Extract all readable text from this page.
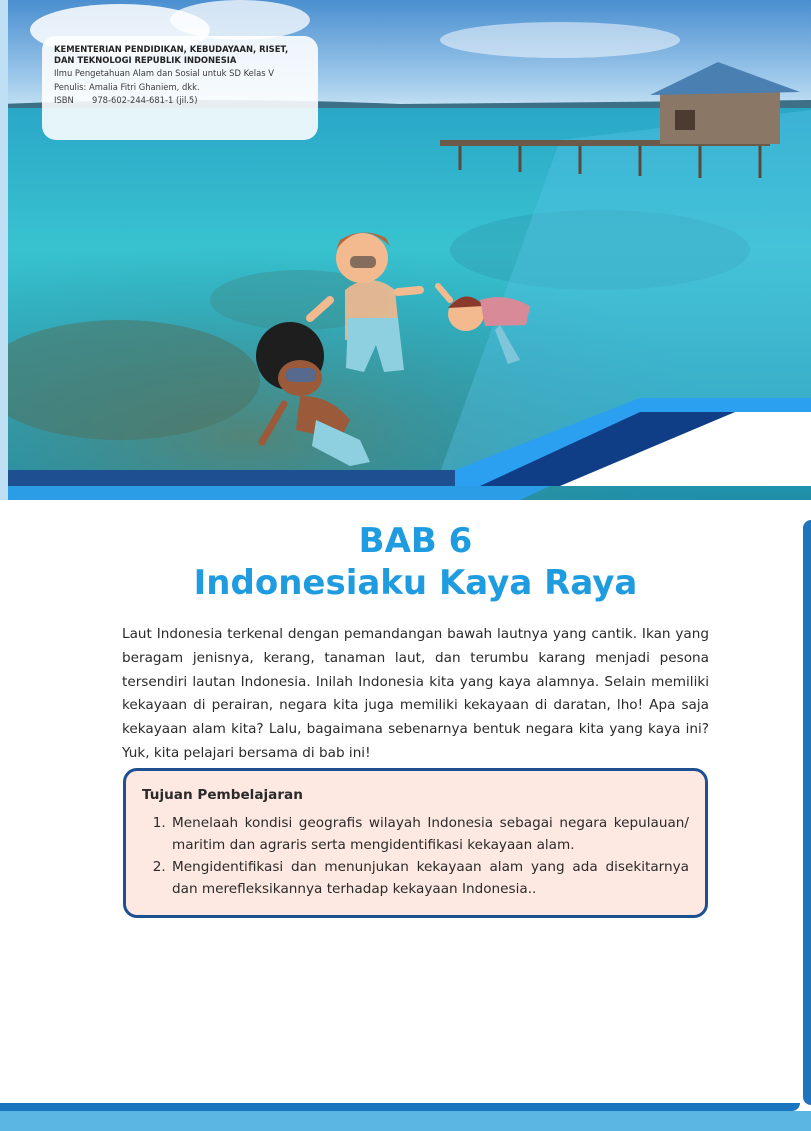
KEMENTERIAN PENDIDIKAN, KEBUDAYAAN, RISET, DAN TEKNOLOGI REPUBLIK INDONESIA
Ilmu Pengetahuan Alam dan Sosial untuk SD Kelas V
Penulis: Amalia Fitri Ghaniem, dkk.
ISBN 978-602-244-681-1 (jil.5)
BAB 6
Indonesiaku Kaya Raya

Laut Indonesia terkenal dengan pemandangan bawah lautnya yang cantik. Ikan yang beragam jenisnya, kerang, tanaman laut, dan terumbu karang menjadi pesona tersendiri lautan Indonesia. Inilah Indonesia kita yang kaya alamnya. Selain memiliki kekayaan di perairan, negara kita juga memiliki kekayaan di daratan, lho! Apa saja kekayaan alam kita? Lalu, bagaimana sebenarnya bentuk negara kita yang kaya ini? Yuk, kita pelajari bersama di bab ini!

Tujuan Pembelajaran
1. Menelaah kondisi geografis wilayah Indonesia sebagai negara kepulauan/ maritim dan agraris serta mengidentifikasi kekayaan alam.
2. Mengidentifikasi dan menunjukan kekayaan alam yang ada disekitarnya dan merefleksikannya terhadap kekayaan Indonesia..
